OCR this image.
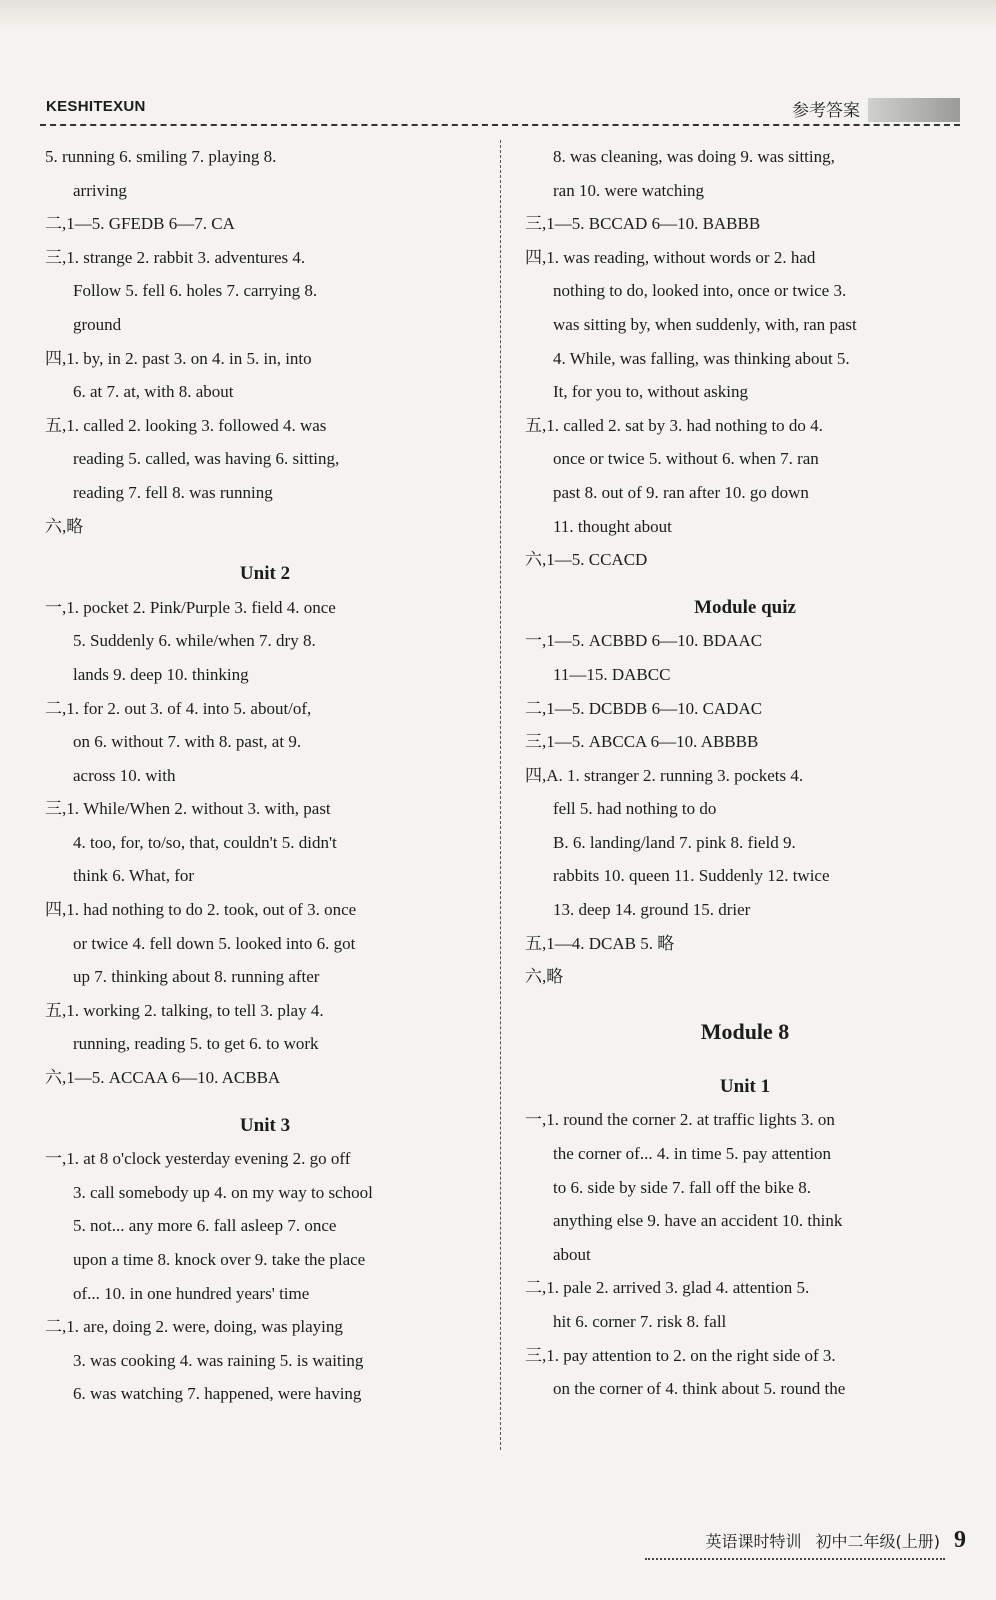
KESHITEXUN	参考答案
5. running 6. smiling 7. playing 8.
arriving
二,1—5. GFEDB 6—7. CA
三,1. strange 2. rabbit 3. adventures 4.
Follow 5. fell 6. holes 7. carrying 8.
ground
四,1. by, in 2. past 3. on 4. in 5. in, into
6. at 7. at, with 8. about
五,1. called 2. looking 3. followed 4. was
reading 5. called, was having 6. sitting,
reading 7. fell 8. was running
六,略
Unit 2
一,1. pocket 2. Pink/Purple 3. field 4. once
5. Suddenly 6. while/when 7. dry 8.
lands 9. deep 10. thinking
二,1. for 2. out 3. of 4. into 5. about/of,
on 6. without 7. with 8. past, at 9.
across 10. with
三,1. While/When 2. without 3. with, past
4. too, for, to/so, that, couldn't 5. didn't
think 6. What, for
四,1. had nothing to do 2. took, out of 3. once
or twice 4. fell down 5. looked into 6. got
up 7. thinking about 8. running after
五,1. working 2. talking, to tell 3. play 4.
running, reading 5. to get 6. to work
六,1—5. ACCAA 6—10. ACBBA
Unit 3
一,1. at 8 o'clock yesterday evening 2. go off
3. call somebody up 4. on my way to school
5. not... any more 6. fall asleep 7. once
upon a time 8. knock over 9. take the place
of... 10. in one hundred years' time
二,1. are, doing 2. were, doing, was playing
3. was cooking 4. was raining 5. is waiting
6. was watching 7. happened, were having
8. was cleaning, was doing 9. was sitting,
ran 10. were watching
三,1—5. BCCAD 6—10. BABBB
四,1. was reading, without words or 2. had
nothing to do, looked into, once or twice 3.
was sitting by, when suddenly, with, ran past
4. While, was falling, was thinking about 5.
It, for you to, without asking
五,1. called 2. sat by 3. had nothing to do 4.
once or twice 5. without 6. when 7. ran
past 8. out of 9. ran after 10. go down
11. thought about
六,1—5. CCACD
Module quiz
一,1—5. ACBBD 6—10. BDAAC
11—15. DABCC
二,1—5. DCBDB 6—10. CADAC
三,1—5. ABCCA 6—10. ABBBB
四,A. 1. stranger 2. running 3. pockets 4.
fell 5. had nothing to do
B. 6. landing/land 7. pink 8. field 9.
rabbits 10. queen 11. Suddenly 12. twice
13. deep 14. ground 15. drier
五,1—4. DCAB 5. 略
六,略
Module 8
Unit 1
一,1. round the corner 2. at traffic lights 3. on
the corner of... 4. in time 5. pay attention
to 6. side by side 7. fall off the bike 8.
anything else 9. have an accident 10. think
about
二,1. pale 2. arrived 3. glad 4. attention 5.
hit 6. corner 7. risk 8. fall
三,1. pay attention to 2. on the right side of 3.
on the corner of 4. think about 5. round the
英语课时特训 初中二年级(上册) 9
